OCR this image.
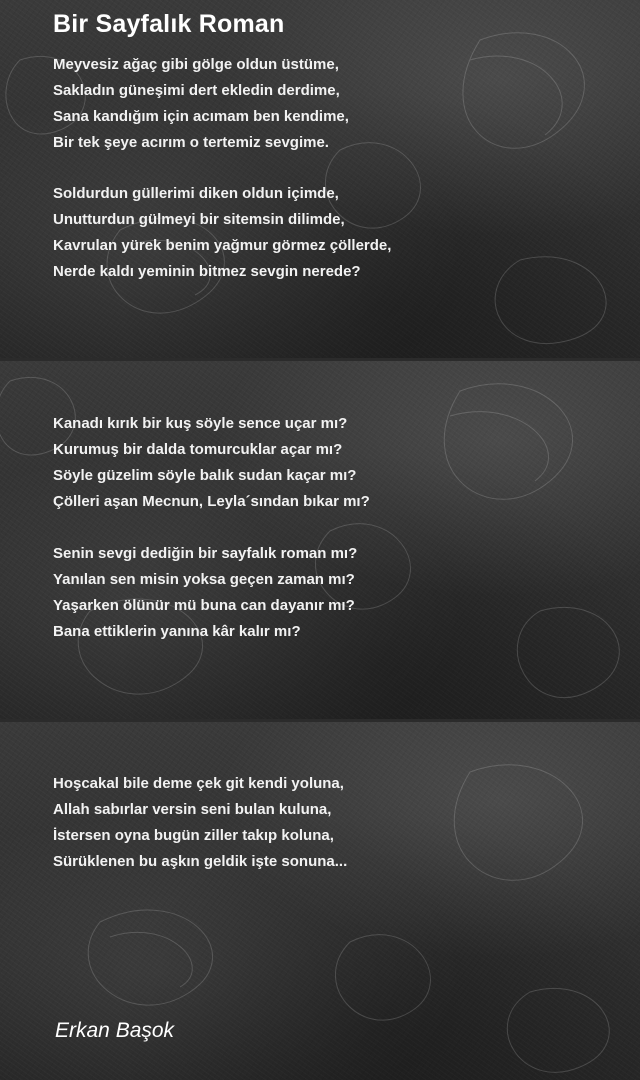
Bir Sayfalık Roman
Meyvesiz ağaç gibi gölge oldun üstüme,
Sakladın güneşimi dert ekledin derdime,
Sana kandığım için acımam ben kendime,
Bir tek şeye acırım o tertemiz sevgime.
Soldurdun güllerimi diken oldun içimde,
Unutturdun gülmeyi bir sitemsin dilimde,
Kavrulan yürek benim yağmur görmez çöllerde,
Nerde kaldı yeminin bitmez sevgin nerede?
Kanadı kırık bir kuş söyle sence uçar mı?
Kurumuş bir dalda tomurcuklar açar mı?
Söyle güzelim söyle balık sudan kaçar mı?
Çölleri aşan Mecnun, Leyla´sından bıkar mı?
Senin sevgi dediğin bir sayfalık roman mı?
Yanılan sen misin yoksa geçen zaman mı?
Yaşarken ölünür mü buna can dayanır mı?
Bana ettiklerin yanına kâr kalır mı?
Hoşcakal bile deme çek git kendi yoluna,
Allah sabırlar versin seni bulan kuluna,
İstersen oyna bugün ziller takıp koluna,
Sürüklenen bu aşkın geldik işte sonuna...
Erkan Başok
